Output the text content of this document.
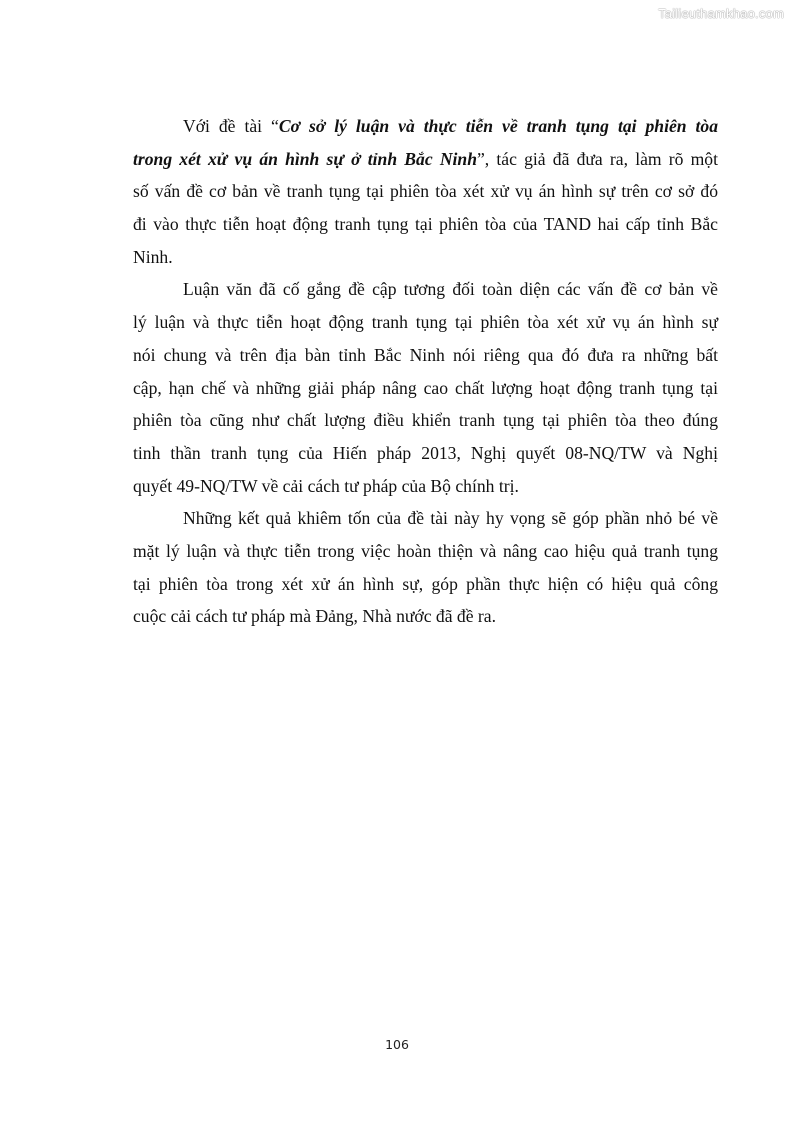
Tailieuthamkhao.com
Với đề tài “Cơ sở lý luận và thực tiễn về tranh tụng tại phiên tòa
trong xét xử vụ án hình sự ở tỉnh Bắc Ninh”, tác giả đã đưa ra, làm rõ một
số vấn đề cơ bản về tranh tụng tại phiên tòa xét xử vụ án hình sự trên cơ sở đó
đi vào thực tiễn hoạt động tranh tụng tại phiên tòa của TAND hai cấp tỉnh Bắc
Ninh.
Luận văn đã cố gắng đề cập tương đối toàn diện các vấn đề cơ bản về
lý luận và thực tiễn hoạt động tranh tụng tại phiên tòa xét xử vụ án hình sự
nói chung và trên địa bàn tỉnh Bắc Ninh nói riêng qua đó đưa ra những bất
cập, hạn chế và những giải pháp nâng cao chất lượng hoạt động tranh tụng tại
phiên tòa cũng như chất lượng điều khiển tranh tụng tại phiên tòa theo đúng
tinh thần tranh tụng của Hiến pháp 2013, Nghị quyết 08-NQ/TW và Nghị
quyết 49-NQ/TW về cải cách tư pháp của Bộ chính trị.
Những kết quả khiêm tốn của đề tài này hy vọng sẽ góp phần nhỏ bé về
mặt lý luận và thực tiễn trong việc hoàn thiện và nâng cao hiệu quả tranh tụng
tại phiên tòa trong xét xử án hình sự, góp phần thực hiện có hiệu quả công
cuộc cải cách tư pháp mà Đảng, Nhà nước đã đề ra.
106
